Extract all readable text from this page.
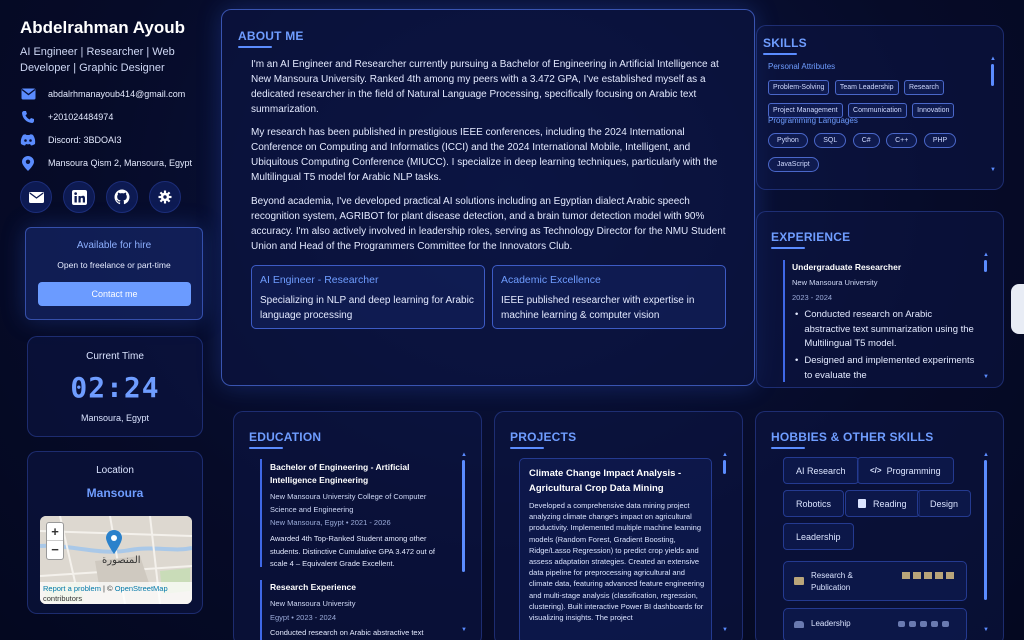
Abdelrahman Ayoub
AI Engineer | Researcher | Web Developer | Graphic Designer
abdalrhmanayoub414@gmail.com
+201024484974
Discord: 3BDOAI3
Mansoura Qism 2, Mansoura, Egypt
Available for hire
Open to freelance or part-time
Contact me
Current Time
02:24
Mansoura, Egypt
Location
Mansoura
+
−
المنصورة
Report a problem | © OpenStreetMap
contributors
ABOUT ME
I'm an AI Engineer and Researcher currently pursuing a Bachelor of Engineering in Artificial Intelligence at New Mansoura University. Ranked 4th among my peers with a 3.472 GPA, I've established myself as a dedicated researcher in the field of Natural Language Processing, specifically focusing on Arabic text summarization.
My research has been published in prestigious IEEE conferences, including the 2024 International Conference on Computing and Informatics (ICCI) and the 2024 International Mobile, Intelligent, and Ubiquitous Computing Conference (MIUCC). I specialize in deep learning techniques, particularly with the Multilingual T5 model for Arabic NLP tasks.
Beyond academia, I've developed practical AI solutions including an Egyptian dialect Arabic speech recognition system, AGRIBOT for plant disease detection, and a brain tumor detection model with 90% accuracy. I'm also actively involved in leadership roles, serving as Technology Director for the NMU Student Union and Head of the Programmers Committee for the Innovators Club.
AI Engineer - Researcher
Specializing in NLP and deep learning for Arabic language processing
Academic Excellence
IEEE published researcher with expertise in machine learning & computer vision
SKILLS
Personal Attributes
Problem-Solving Team Leadership Research Project Management Communication Innovation
Programming Languages
Python	SQL	C#	C++	PHP JavaScript
▲
▼
EXPERIENCE
Undergraduate Researcher
New Mansoura University
2023 - 2024
• Conducted research on Arabic abstractive text summarization using the Multilingual T5 model.
• Designed and implemented experiments to evaluate the
▲
▼
EDUCATION
Bachelor of Engineering - Artificial Intelligence Engineering
New Mansoura University College of Computer Science and Engineering
New Mansoura, Egypt • 2021 - 2026
Awarded 4th Top-Ranked Student among other students. Distinctive Cumulative GPA 3.472 out of scale 4 – Equivalent Grade Excellent.
Research Experience
New Mansoura University
Egypt • 2023 - 2024
Conducted research on Arabic abstractive text
▲
▼
PROJECTS
Climate Change Impact Analysis - Agricultural Crop Data Mining
Developed a comprehensive data mining project analyzing climate change's impact on agricultural productivity. Implemented multiple machine learning models (Random Forest, Gradient Boosting, Ridge/Lasso Regression) to predict crop yields and assess adaptation strategies. Created an extensive data pipeline for preprocessing agricultural and climate data, featuring advanced feature engineering and multi-stage analysis (classification, regression, clustering). Built interactive Power BI dashboards for visualizing insights. The project
▲
▼
HOBBIES & OTHER SKILLS
AI Research	</> Programming
Robotics	Reading	Design
Leadership
Research & Publication
Leadership
▲
▼
